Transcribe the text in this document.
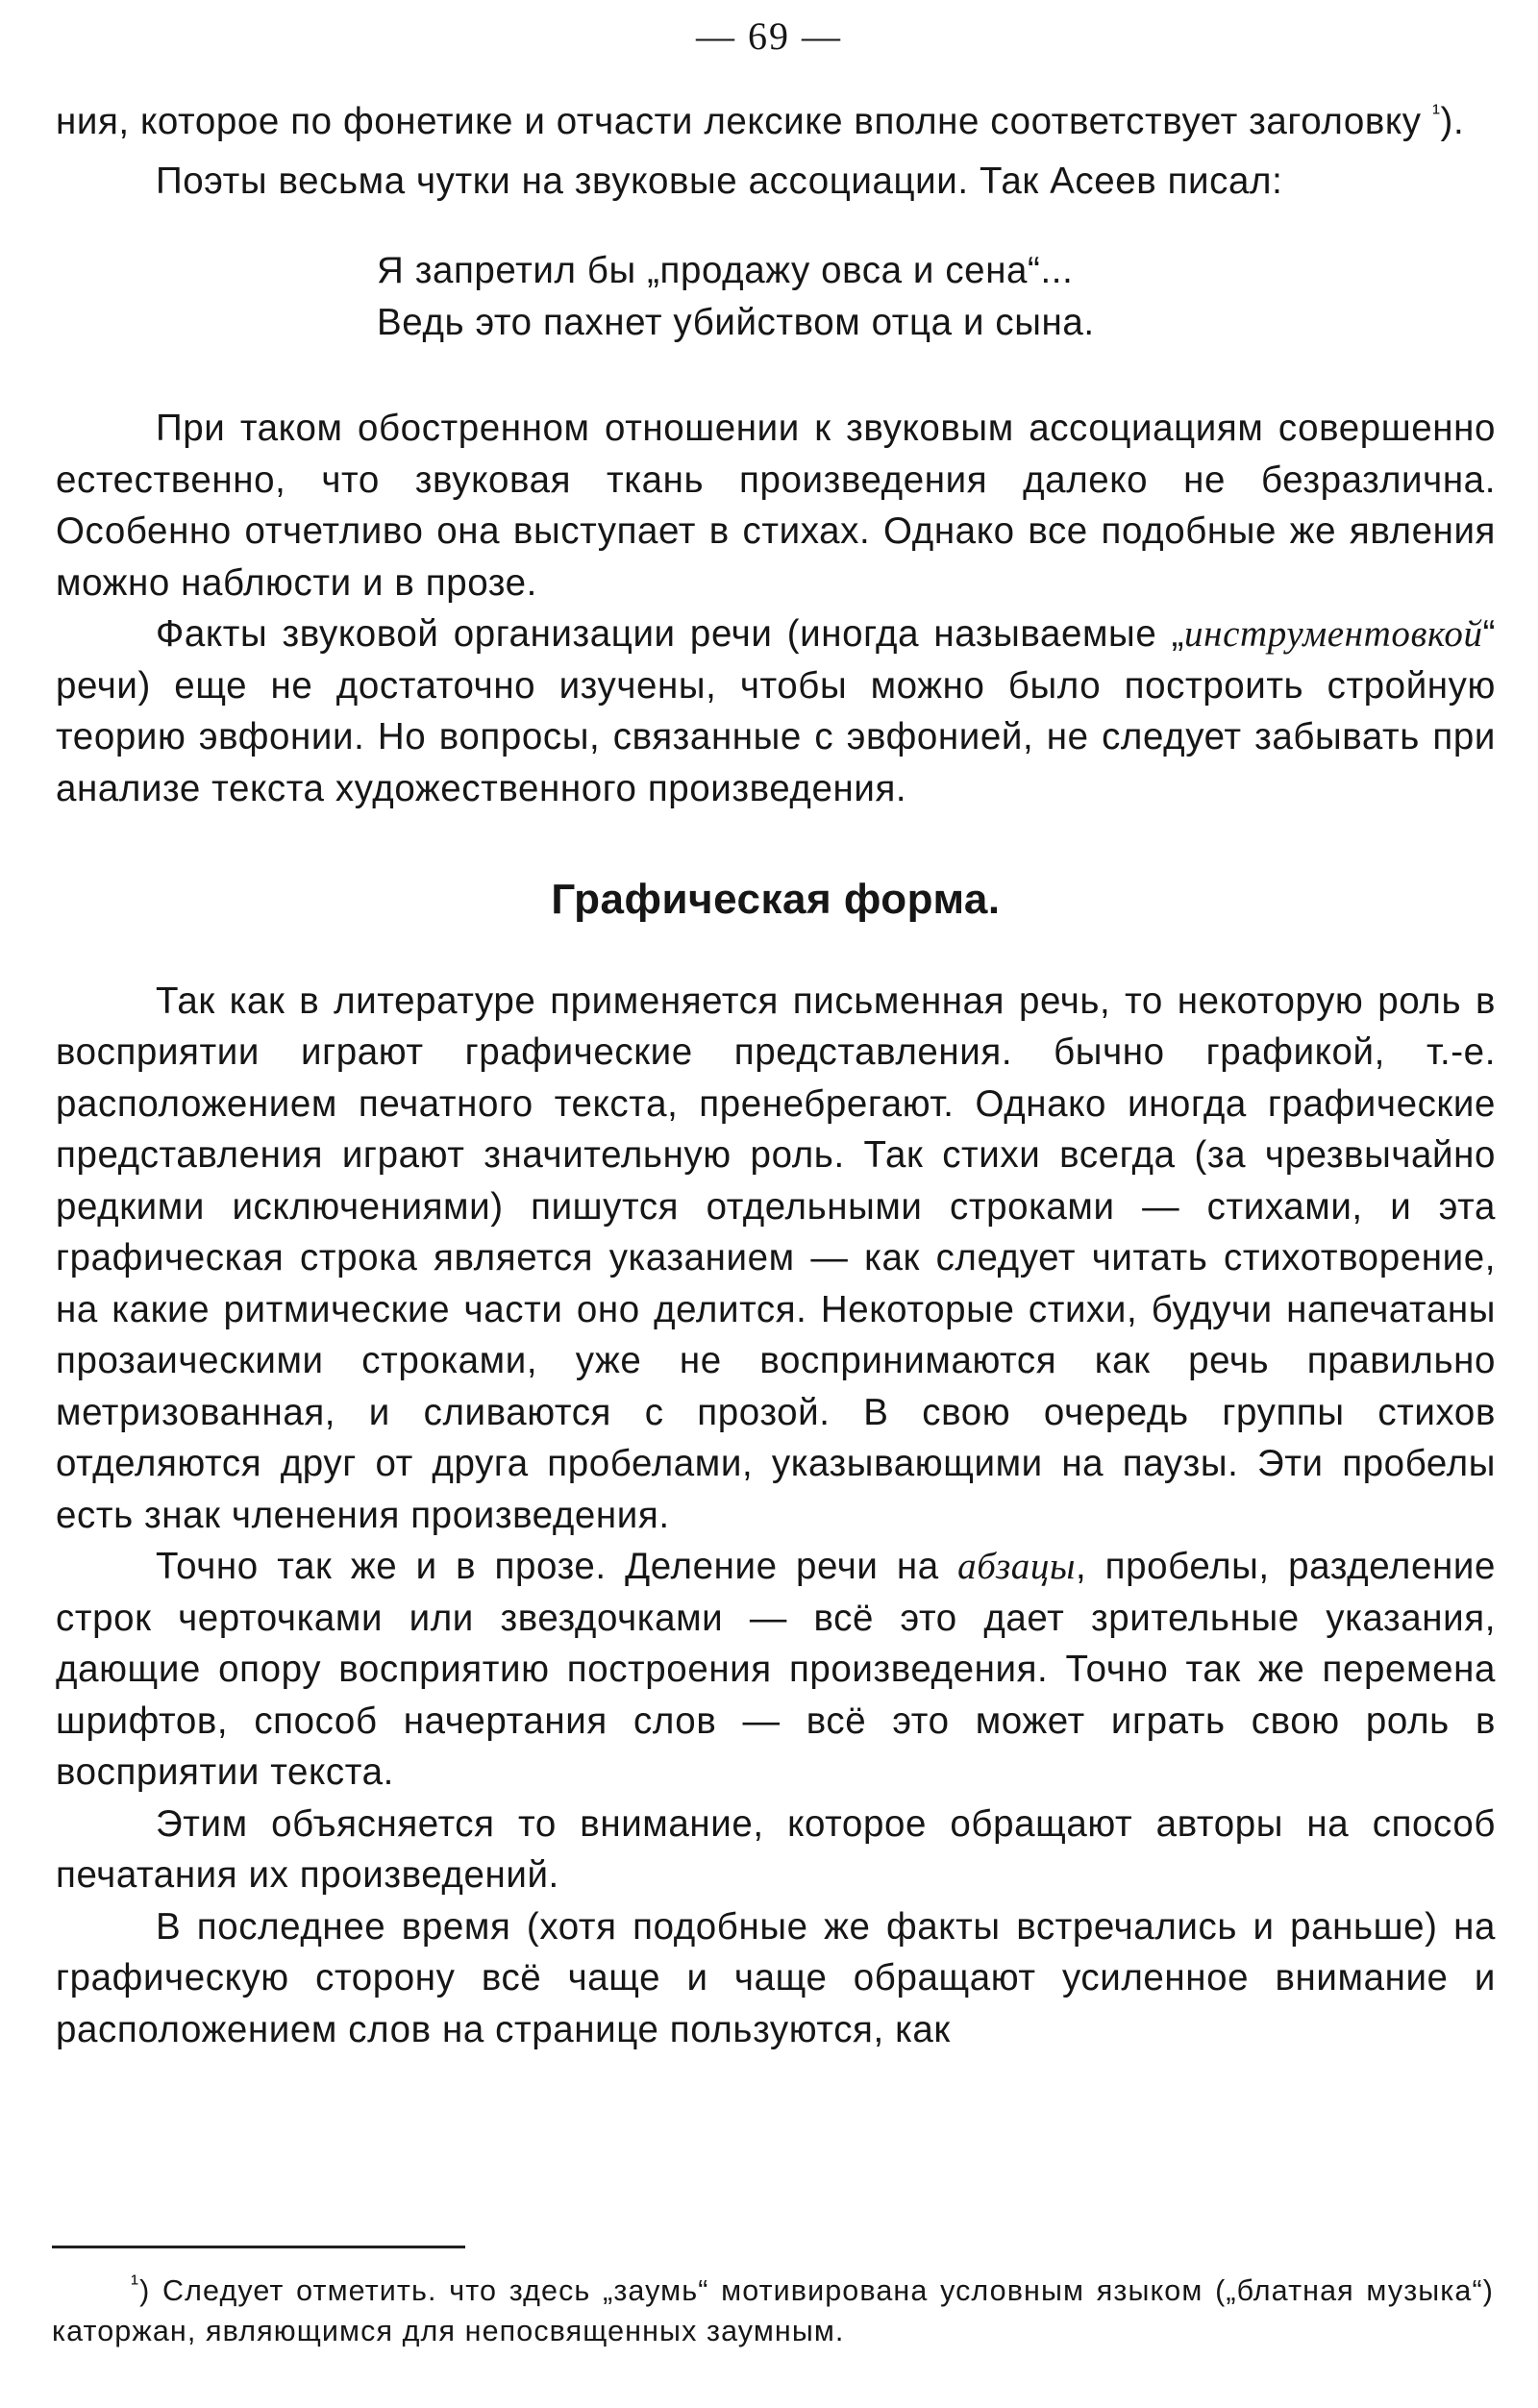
— 69 —

ния, которое по фонетике и отчасти лексике вполне соответствует заголовку $^{^1}$).

Поэты весьма чутки на звуковые ассоциации. Так Асеев писал:

Я запретил бы „продажу овса и сена“...
Ведь это пахнет убийством отца и сына.

При таком обостренном отношении к звуковым ассоциациям совершенно естественно, что звуковая ткань произведения далеко не безразлична. Особенно отчетливо она выступает в стихах. Однако все подобные же явления можно наблюсти и в прозе.

Факты звуковой организации речи (иногда называемые „инструментовкой“ речи) еще не достаточно изучены, чтобы можно было построить стройную теорию эвфонии. Но вопросы, связанные с эвфонией, не следует забывать при анализе текста художественного произведения.

Графическая форма.

Так как в литературе применяется письменная речь, то некоторую роль в восприятии играют графические представления. бычно графикой, т.-е. расположением печатного текста, пренебрегают. Однако иногда графические представления играют значительную роль. Так стихи всегда (за чрезвычайно редкими исключениями) пишутся отдельными строками — стихами, и эта графическая строка является указанием — как следует читать стихотворение, на какие ритмические части оно делится. Некоторые стихи, будучи напечатаны прозаическими строками, уже не воспринимаются как речь правильно метризованная, и сливаются с прозой. В свою очередь группы стихов отделяются друг от друга пробелами, указывающими на паузы. Эти пробелы есть знак членения произведения.

Точно так же и в прозе. Деление речи на абзацы, пробелы, разделение строк черточками или звездочками — всё это дает зрительные указания, дающие опору восприятию построения произведения. Точно так же перемена шрифтов, способ начертания слов — всё это может играть свою роль в восприятии текста.

Этим объясняется то внимание, которое обращают авторы на способ печатания их произведений.

В последнее время (хотя подобные же факты встречались и раньше) на графическую сторону всё чаще и чаще обращают усиленное внимание и расположением слов на странице пользуются, как

$^{^1}$) Следует отметить. что здесь „заумь“ мотивирована условным языком („блатная музыка“) каторжан, являющимся для непосвященных заумным.
